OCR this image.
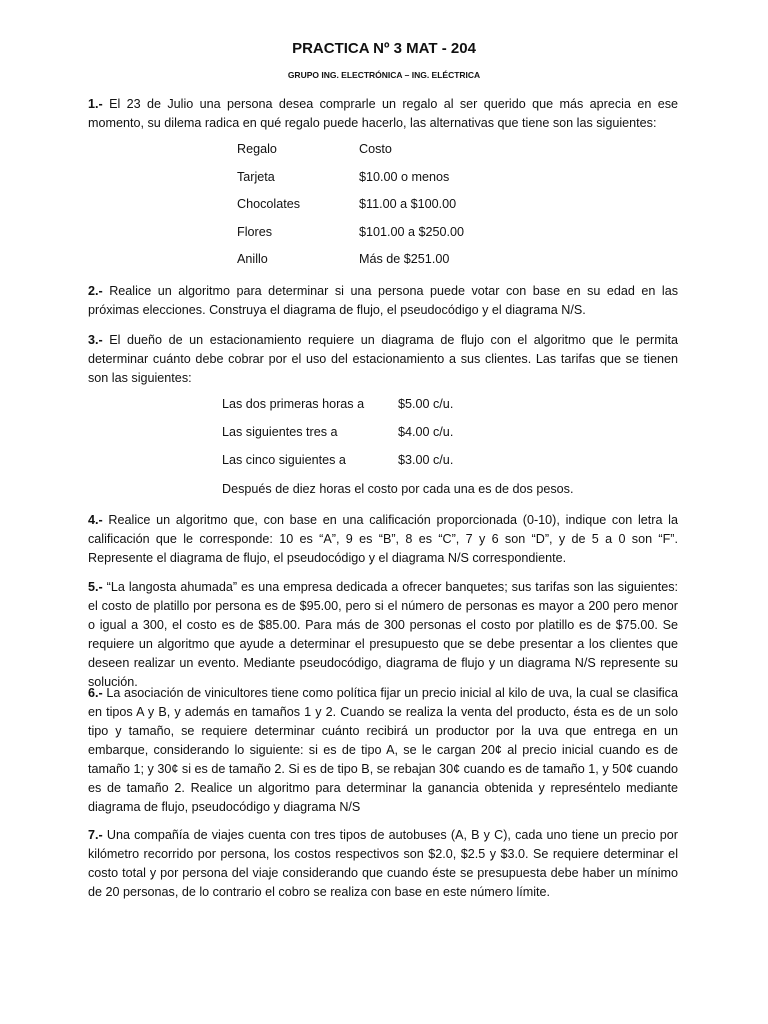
PRACTICA Nº 3 MAT - 204

GRUPO ING. ELECTRÓNICA – ING. ELÉCTRICA

1.- El 23 de Julio una persona desea comprarle un regalo al ser querido que más aprecia en ese momento, su dilema radica en qué regalo puede hacerlo, las alternativas que tiene son las siguientes:

Regalo	Costo
Tarjeta	$10.00 o menos
Chocolates	$11.00 a $100.00
Flores	$101.00 a $250.00
Anillo	Más de $251.00

2.- Realice un algoritmo para determinar si una persona puede votar con base en su edad en las próximas elecciones. Construya el diagrama de flujo, el pseudocódigo y el diagrama N/S.

3.- El dueño de un estacionamiento requiere un diagrama de flujo con el algoritmo que le permita determinar cuánto debe cobrar por el uso del estacionamiento a sus clientes. Las tarifas que se tienen son las siguientes:

Las dos primeras horas a	$5.00 c/u.
Las siguientes tres a	$4.00 c/u.
Las cinco siguientes a	$3.00 c/u.

Después de diez horas el costo por cada una es de dos pesos.

4.- Realice un algoritmo que, con base en una calificación proporcionada (0-10), indique con letra la calificación que le corresponde: 10 es “A”, 9 es “B”, 8 es “C”, 7 y 6 son “D”, y de 5 a 0 son “F”. Represente el diagrama de flujo, el pseudocódigo y el diagrama N/S correspondiente.

5.- “La langosta ahumada” es una empresa dedicada a ofrecer banquetes; sus tarifas son las siguientes: el costo de platillo por persona es de $95.00, pero si el número de personas es mayor a 200 pero menor o igual a 300, el costo es de $85.00. Para más de 300 personas el costo por platillo es de $75.00. Se requiere un algoritmo que ayude a determinar el presupuesto que se debe presentar a los clientes que deseen realizar un evento. Mediante pseudocódigo, diagrama de flujo y un diagrama N/S represente su solución.

6.- La asociación de vinicultores tiene como política fijar un precio inicial al kilo de uva, la cual se clasifica en tipos A y B, y además en tamaños 1 y 2. Cuando se realiza la venta del producto, ésta es de un solo tipo y tamaño, se requiere determinar cuánto recibirá un productor por la uva que entrega en un embarque, considerando lo siguiente: si es de tipo A, se le cargan 20¢ al precio inicial cuando es de tamaño 1; y 30¢ si es de tamaño 2. Si es de tipo B, se rebajan 30¢ cuando es de tamaño 1, y 50¢ cuando es de tamaño 2. Realice un algoritmo para determinar la ganancia obtenida y represéntelo mediante diagrama de flujo, pseudocódigo y diagrama N/S

7.- Una compañía de viajes cuenta con tres tipos de autobuses (A, B y C), cada uno tiene un precio por kilómetro recorrido por persona, los costos respectivos son $2.0, $2.5 y $3.0. Se requiere determinar el costo total y por persona del viaje considerando que cuando éste se presupuesta debe haber un mínimo de 20 personas, de lo contrario el cobro se realiza con base en este número límite.
